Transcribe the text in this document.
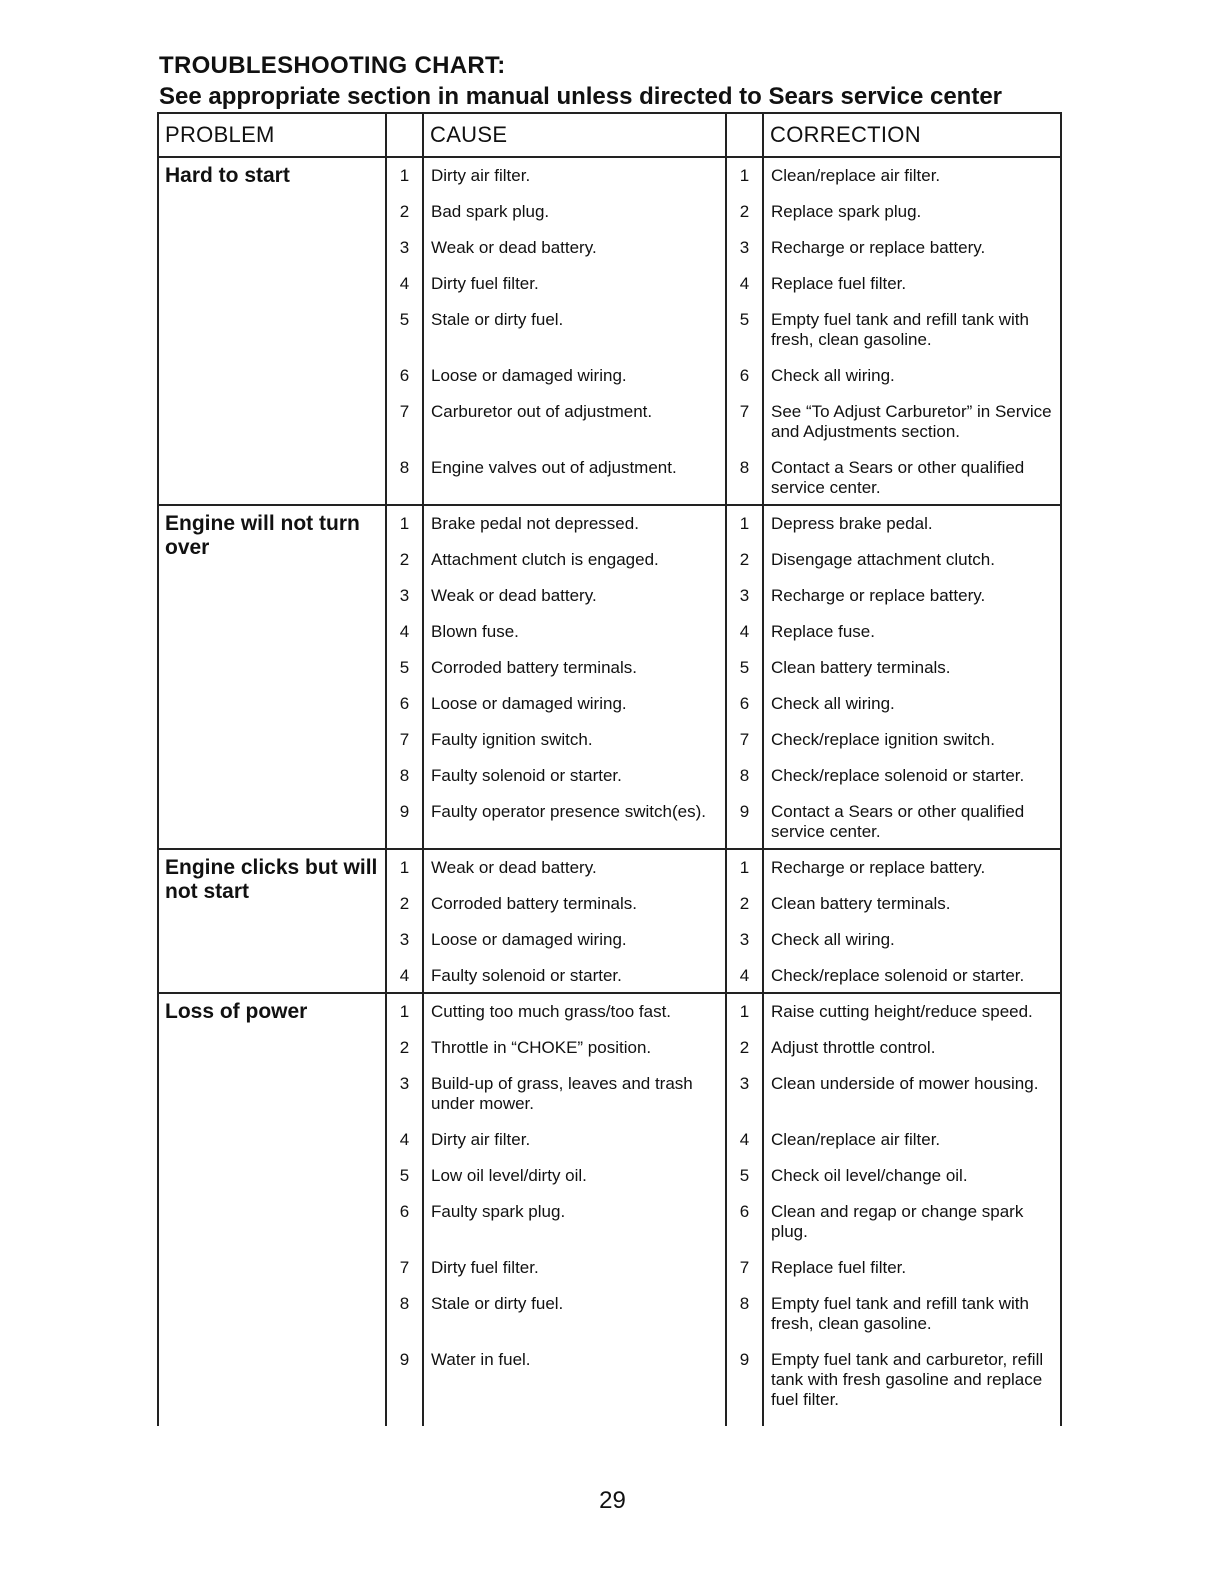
TROUBLESHOOTING CHART:
See appropriate section in manual unless directed to Sears service center
PROBLEM		CAUSE		CORRECTION
Hard to start	1	Dirty air filter.	1	Clean/replace air filter.
	2	Bad spark plug.	2	Replace spark plug.
	3	Weak or dead battery.	3	Recharge or replace battery.
	4	Dirty fuel filter.	4	Replace fuel filter.
	5	Stale or dirty fuel.	5	Empty fuel tank and refill tank with fresh, clean gasoline.
	6	Loose or damaged wiring.	6	Check all wiring.
	7	Carburetor out of adjustment.	7	See “To Adjust Carburetor” in Service and Adjustments section.
	8	Engine valves out of adjustment.	8	Contact a Sears or other qualified service center.
Engine will not turn over	1	Brake pedal not depressed.	1	Depress brake pedal.
	2	Attachment clutch is engaged.	2	Disengage attachment clutch.
	3	Weak or dead battery.	3	Recharge or replace battery.
	4	Blown fuse.	4	Replace fuse.
	5	Corroded battery terminals.	5	Clean battery terminals.
	6	Loose or damaged wiring.	6	Check all wiring.
	7	Faulty ignition switch.	7	Check/replace ignition switch.
	8	Faulty solenoid or starter.	8	Check/replace solenoid or starter.
	9	Faulty operator presence switch(es).	9	Contact a Sears or other qualified service center.
Engine clicks but will not start	1	Weak or dead battery.	1	Recharge or replace battery.
	2	Corroded battery terminals.	2	Clean battery terminals.
	3	Loose or damaged wiring.	3	Check all wiring.
	4	Faulty solenoid or starter.	4	Check/replace solenoid or starter.
Loss of power	1	Cutting too much grass/too fast.	1	Raise cutting height/reduce speed.
	2	Throttle in “CHOKE” position.	2	Adjust throttle control.
	3	Build-up of grass, leaves and trash under mower.	3	Clean underside of mower housing.
	4	Dirty air filter.	4	Clean/replace air filter.
	5	Low oil level/dirty oil.	5	Check oil level/change oil.
	6	Faulty spark plug.	6	Clean and regap or change spark plug.
	7	Dirty fuel filter.	7	Replace fuel filter.
	8	Stale or dirty fuel.	8	Empty fuel tank and refill tank with fresh, clean gasoline.
	9	Water in fuel.	9	Empty fuel tank and carburetor, refill tank with fresh gasoline and replace fuel filter.

29
